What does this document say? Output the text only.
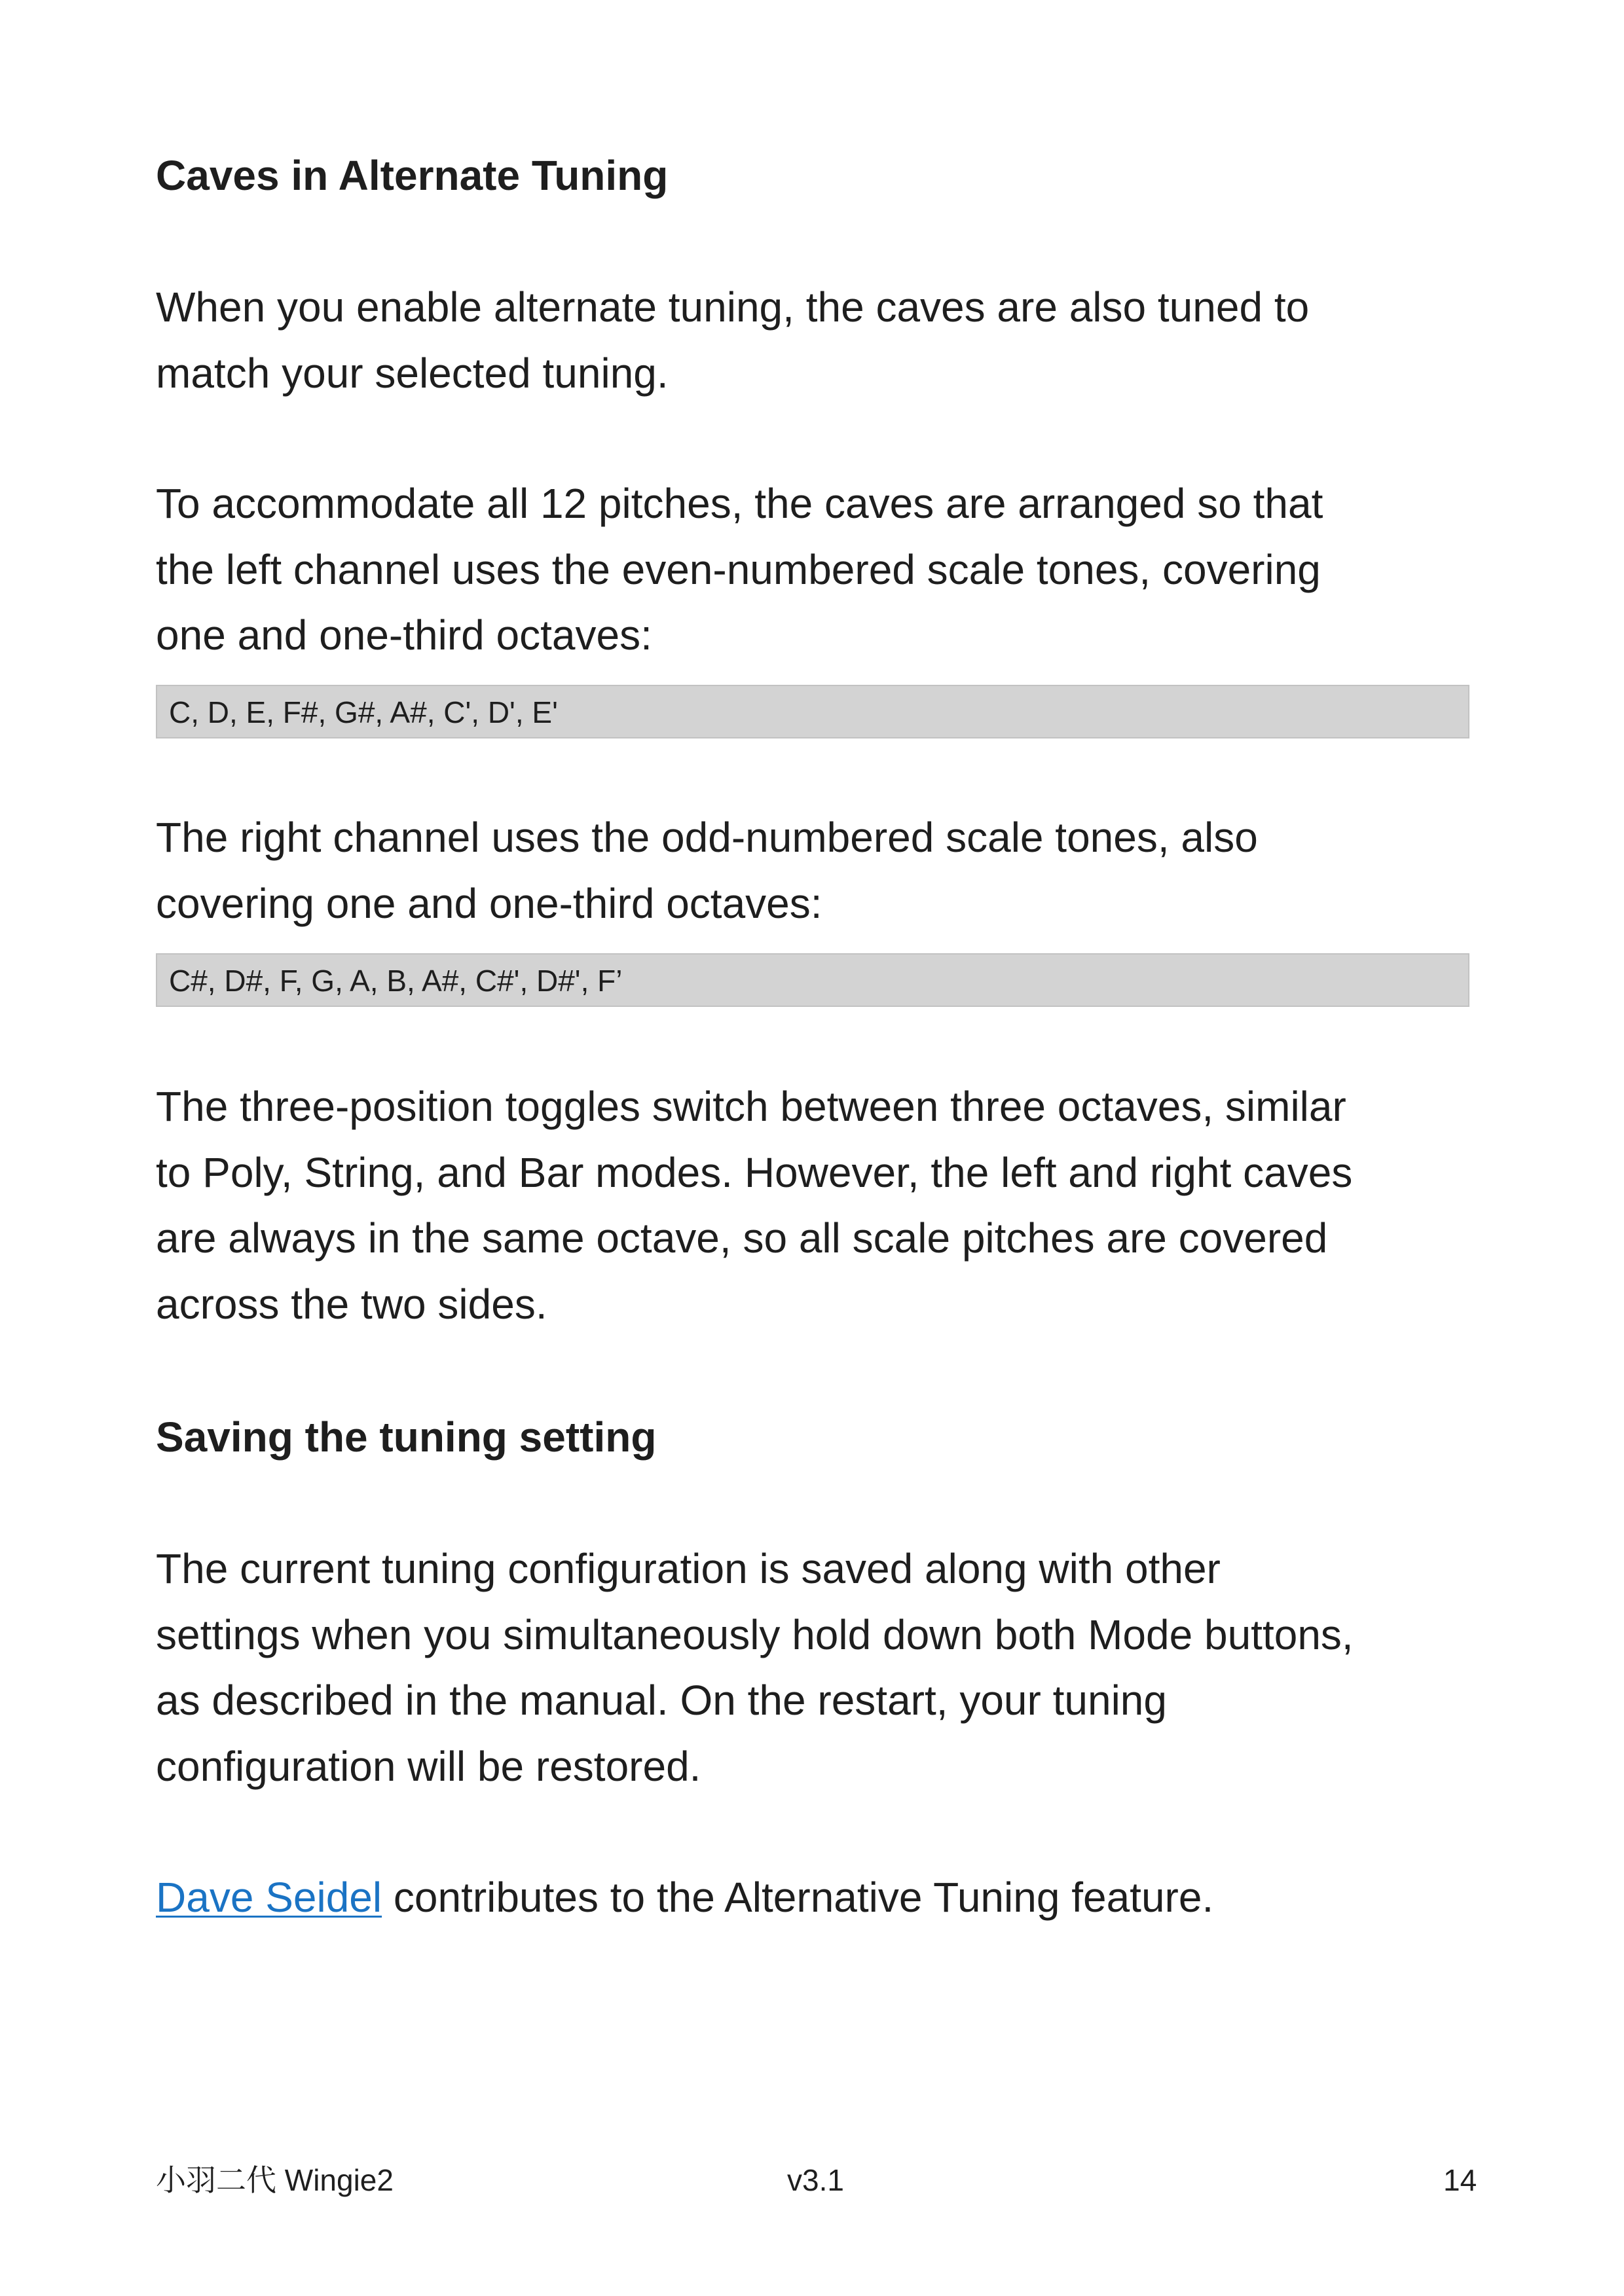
Caves in Alternate Tuning
When you enable alternate tuning, the caves are also tuned to
match your selected tuning.
To accommodate all 12 pitches, the caves are arranged so that
the left channel uses the even-numbered scale tones, covering
one and one-third octaves:
C, D, E, F#, G#, A#, C', D', E'
The right channel uses the odd-numbered scale tones, also
covering one and one-third octaves:
C#, D#, F, G, A, B, A#, C#', D#', F’
The three-position toggles switch between three octaves, similar
to Poly, String, and Bar modes. However, the left and right caves
are always in the same octave, so all scale pitches are covered
across the two sides.
Saving the tuning setting
The current tuning configuration is saved along with other
settings when you simultaneously hold down both Mode buttons,
as described in the manual. On the restart, your tuning
configuration will be restored.
Dave Seidel contributes to the Alternative Tuning feature.
小羽二代 Wingie2	v3.1	14
